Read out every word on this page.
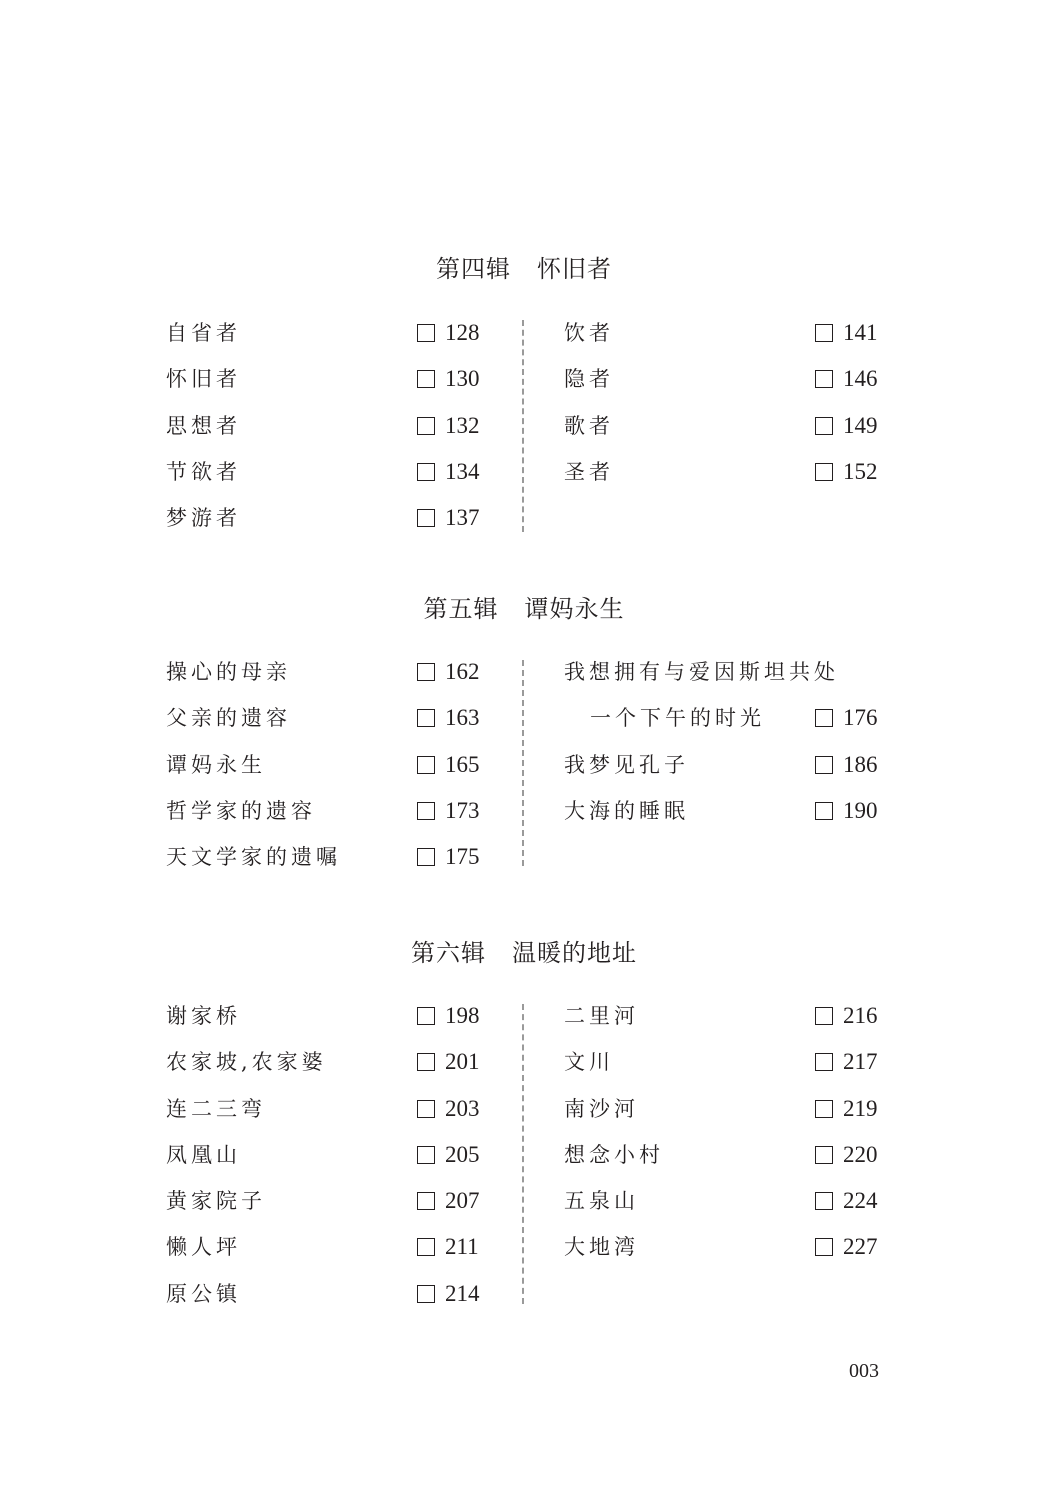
第四辑 怀旧者
自省者	128
怀旧者	130
思想者	132
节欲者	134
梦游者	137
饮者	141
隐者	146
歌者	149
圣者	152
第五辑 谭妈永生
操心的母亲	162
父亲的遗容	163
谭妈永生	165
哲学家的遗容	173
天文学家的遗嘱	175
我想拥有与爱因斯坦共处
一个下午的时光	176
我梦见孔子	186
大海的睡眠	190
第六辑 温暖的地址
谢家桥	198
农家坡,农家婆	201
连二三弯	203
凤凰山	205
黄家院子	207
懒人坪	211
原公镇	214
二里河	216
文川	217
南沙河	219
想念小村	220
五泉山	224
大地湾	227
003
